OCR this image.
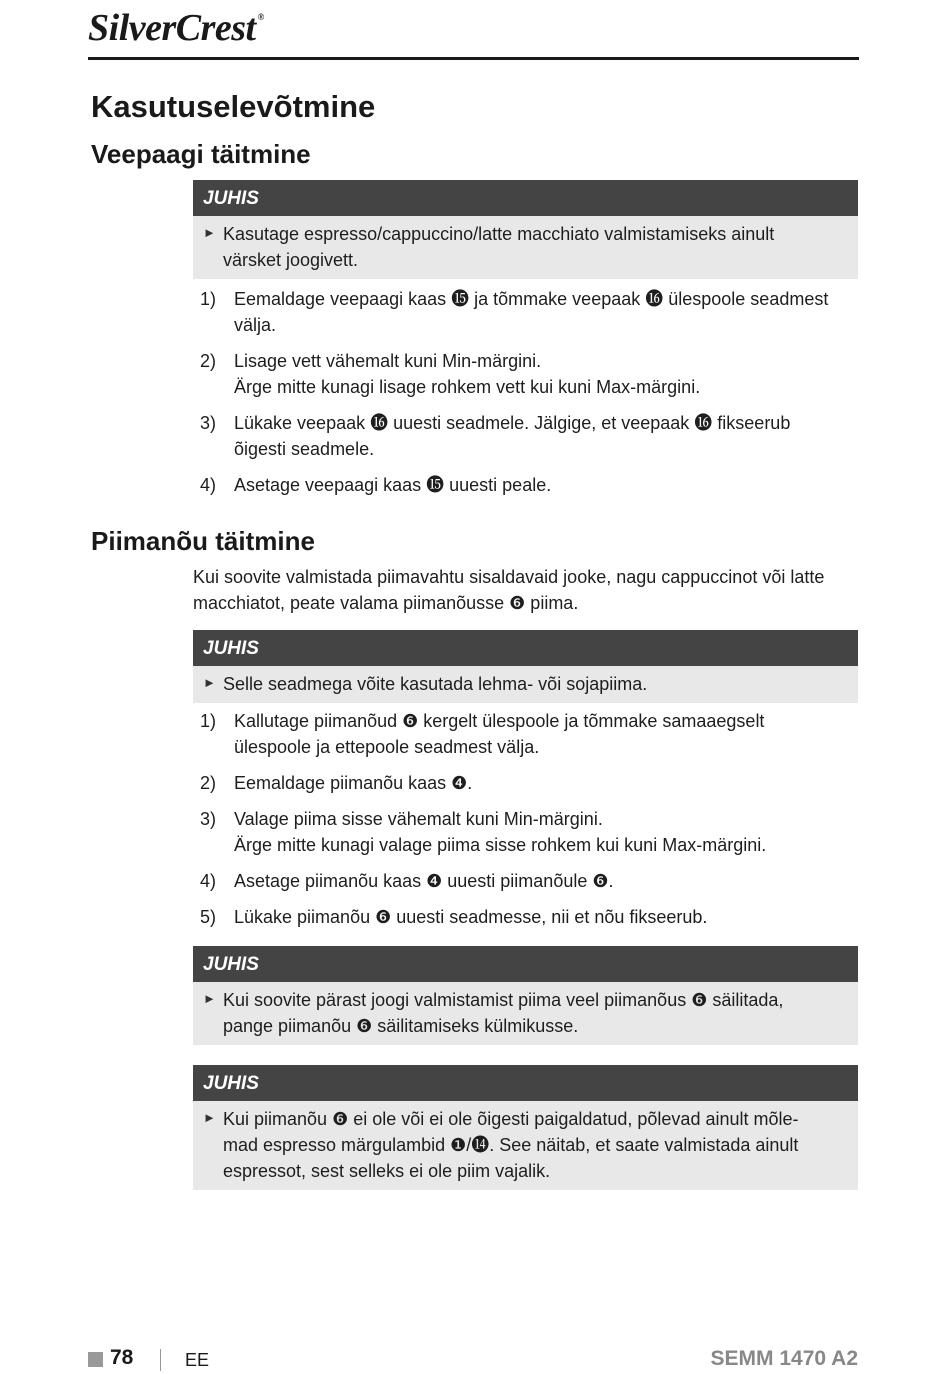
SilverCrest ®
Kasutuselevõtmine
Veepaagi täitmine
JUHIS
► Kasutage espresso/cappuccino/latte macchiato valmistamiseks ainult
värsket joogivett.
1) Eemaldage veepaagi kaas ⓯ ja tõmmake veepaak ⓰ ülespoole seadmest
välja.
2) Lisage vett vähemalt kuni Min-märgini.
Ärge mitte kunagi lisage rohkem vett kui kuni Max-märgini.
3) Lükake veepaak ⓰ uuesti seadmele. Jälgige, et veepaak ⓰ fikseerub
õigesti seadmele.
4) Asetage veepaagi kaas ⓯ uuesti peale.
Piimanõu täitmine
Kui soovite valmistada piimavahtu sisaldavaid jooke, nagu cappuccinot või latte
macchiatot, peate valama piimanõusse ❻ piima.
JUHIS
► Selle seadmega võite kasutada lehma- või sojapiima.
1) Kallutage piimanõud ❻ kergelt ülespoole ja tõmmake samaaegselt
ülespoole ja ettepoole seadmest välja.
2) Eemaldage piimanõu kaas ❹.
3) Valage piima sisse vähemalt kuni Min-märgini.
Ärge mitte kunagi valage piima sisse rohkem kui kuni Max-märgini.
4) Asetage piimanõu kaas ❹ uuesti piimanõule ❻.
5) Lükake piimanõu ❻ uuesti seadmesse, nii et nõu fikseerub.
JUHIS
► Kui soovite pärast joogi valmistamist piima veel piimanõus ❻ säilitada,
pange piimanõu ❻ säilitamiseks külmikusse.
JUHIS
► Kui piimanõu ❻ ei ole või ei ole õigesti paigaldatud, põlevad ainult mõle-
mad espresso märgulambid ❶/⓮. See näitab, et saate valmistada ainult
espressot, sest selleks ei ole piim vajalik.
78	EE	SEMM 1470 A2
